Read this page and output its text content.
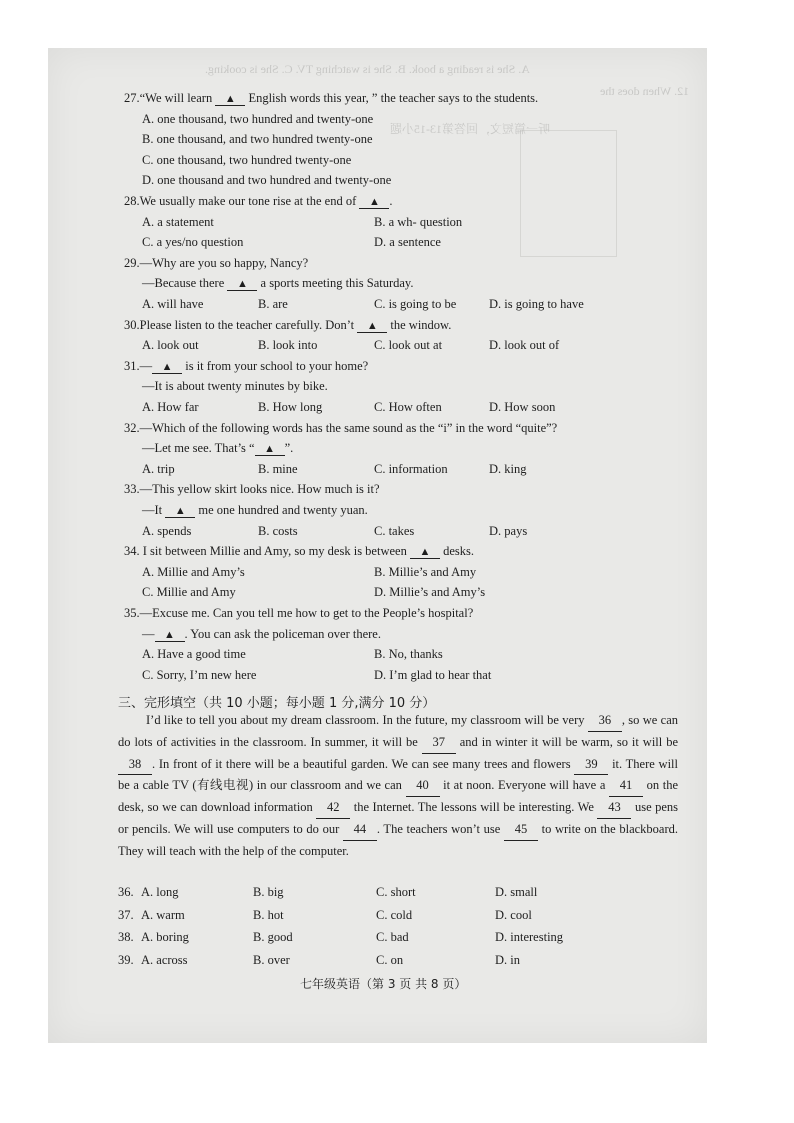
A. She is reading a book. B. She is watching TV. C. She is cooking.
12. When does the
听一篇短文，回答第13-15小题
三、完形填空（共 10 小题；每小题 1 分,满分 10 分）
I’d like to tell you about my dream classroom. In the future, my classroom will be very 36 , so we can do lots of activities in the classroom. In summer, it will be 37 and in winter it will be warm, so it will be 38 . In front of it there will be a beautiful garden. We can see many trees and flowers 39 it. There will be a cable TV (有线电视) in our classroom and we can 40 it at noon. Everyone will have a 41 on the desk, so we can download information 42 the Internet. The lessons will be interesting. We 43 use pens or pencils. We will use computers to do our 44 . The teachers won’t use 45 to write on the blackboard. They will teach with the help of the computer.
七年级英语（第 3 页 共 8 页）
27.“We will learn ▲ English words this year, ” the teacher says to the students.
A. one thousand, two hundred and twenty-one
B. one thousand, and two hundred twenty-one
C. one thousand, two hundred twenty-one
D. one thousand and two hundred and twenty-one
28.We usually make our tone rise at the end of ▲ .
A. a statement	B. a wh- question
C. a yes/no question	D. a sentence
29.—Why are you so happy, Nancy?
—Because there ▲ a sports meeting this Saturday.
A. will have	B. are	C. is going to be	D. is going to have
30.Please listen to the teacher carefully. Don’t ▲ the window.
A. look out	B. look into	C. look out at	D. look out of
31.— ▲ is it from your school to your home?
—It is about twenty minutes by bike.
A. How far	B. How long	C. How often	D. How soon
32.—Which of the following words has the same sound as the “i” in the word “quite”?
—Let me see. That’s “ ▲ ”.
A. trip	B. mine	C. information	D. king
33.—This yellow skirt looks nice. How much is it?
—It ▲ me one hundred and twenty yuan.
A. spends	B. costs	C. takes	D. pays
34. I sit between Millie and Amy, so my desk is between ▲ desks.
A. Millie and Amy’s	B. Millie’s and Amy
C. Millie and Amy	D. Millie’s and Amy’s
35.—Excuse me. Can you tell me how to get to the People’s hospital?
— ▲ . You can ask the policeman over there.
A. Have a good time	B. No, thanks
C. Sorry, I’m new here	D. I’m glad to hear that
36. A. long	B. big	C. short	D. small
37. A. warm	B. hot	C. cold	D. cool
38. A. boring	B. good	C. bad	D. interesting
39. A. across	B. over	C. on	D. in
